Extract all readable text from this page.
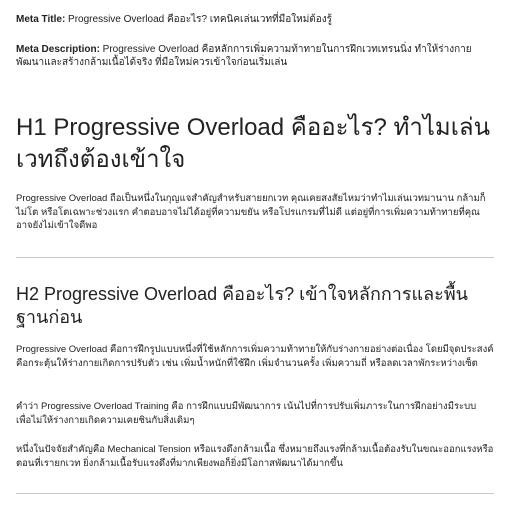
Meta Title: Progressive Overload คืออะไร? เทคนิคเล่นเวทที่มือใหม่ต้องรู้

Meta Description: Progressive Overload คือหลักการเพิ่มความท้าทายในการฝึกเวทเทรนนิ่ง ทำให้ร่างกายพัฒนาและสร้างกล้ามเนื้อได้จริง ที่มือใหม่ควรเข้าใจก่อนเริ่มเล่น

H1 Progressive Overload คืออะไร? ทำไมเล่นเวทถึงต้องเข้าใจ

Progressive Overload ถือเป็นหนึ่งในกุญแจสำคัญสำหรับสายยกเวท คุณเคยสงสัยไหมว่าทำไมเล่นเวทมานาน กล้ามก็ไม่โต หรือโตเฉพาะช่วงแรก คำตอบอาจไม่ได้อยู่ที่ความขยัน หรือโปรแกรมที่ไม่ดี แต่อยู่ที่การเพิ่มความท้าทายที่คุณอาจยังไม่เข้าใจดีพอ

H2 Progressive Overload คืออะไร? เข้าใจหลักการและพื้นฐานก่อน

Progressive Overload คือการฝึกรูปแบบหนึ่งที่ใช้หลักการเพิ่มความท้าทายให้กับร่างกายอย่างต่อเนื่อง โดยมีจุดประสงค์คือกระตุ้นให้ร่างกายเกิดการปรับตัว เช่น เพิ่มน้ำหนักที่ใช้ฝึก เพิ่มจำนวนครั้ง เพิ่มความถี่ หรือลดเวลาพักระหว่างเซ็ต

คำว่า Progressive Overload Training คือ การฝึกแบบมีพัฒนาการ เน้นไปที่การปรับเพิ่มภาระในการฝึกอย่างมีระบบ เพื่อไม่ให้ร่างกายเกิดความเคยชินกับสิ่งเดิมๆ

หนึ่งในปัจจัยสำคัญคือ Mechanical Tension หรือแรงดึงกล้ามเนื้อ ซึ่งหมายถึงแรงที่กล้ามเนื้อต้องรับในขณะออกแรงหรือตอนที่เรายกเวท ยิ่งกล้ามเนื้อรับแรงดึงที่มากเพียงพอก็ยิ่งมีโอกาสพัฒนาได้มากขึ้น
